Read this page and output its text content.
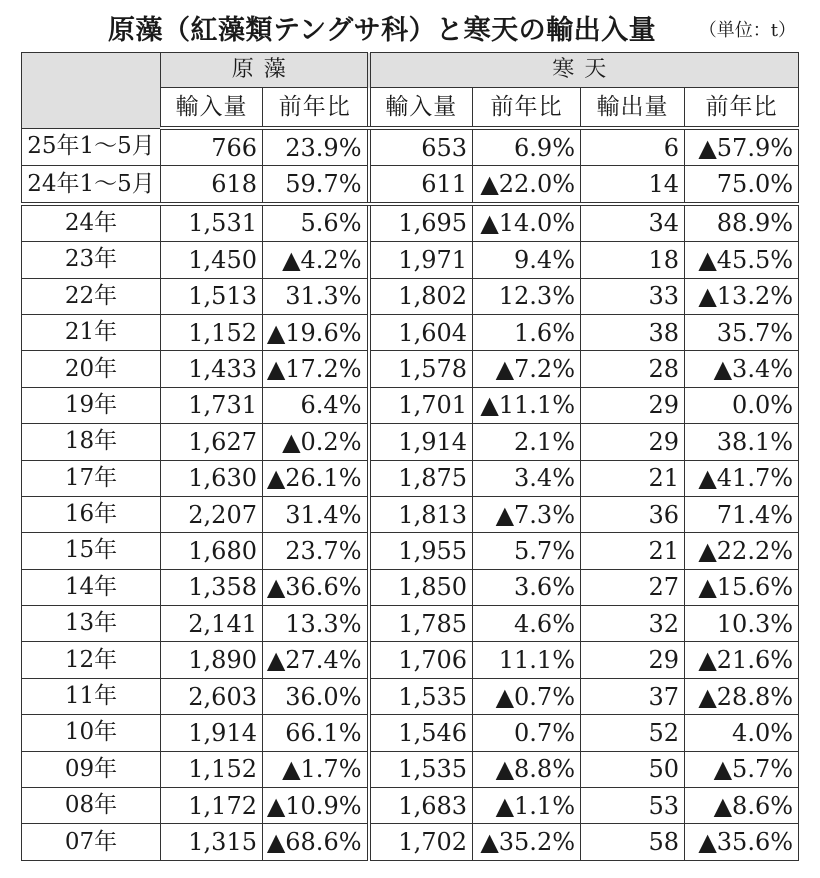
原藻（紅藻類テングサ科）と寒天の輸出入量 （単位：t）
	原藻		寒天			
	輸入量	前年比	輸入量	前年比	輸出量	前年比
25年1～5月	766	23.9%	653	6.9%	6	▲57.9%
24年1～5月	618	59.7%	611	▲22.0%	14	75.0%
24年	1,531	5.6%	1,695	▲14.0%	34	88.9%
23年	1,450	▲4.2%	1,971	9.4%	18	▲45.5%
22年	1,513	31.3%	1,802	12.3%	33	▲13.2%
21年	1,152	▲19.6%	1,604	1.6%	38	35.7%
20年	1,433	▲17.2%	1,578	▲7.2%	28	▲3.4%
19年	1,731	6.4%	1,701	▲11.1%	29	0.0%
18年	1,627	▲0.2%	1,914	2.1%	29	38.1%
17年	1,630	▲26.1%	1,875	3.4%	21	▲41.7%
16年	2,207	31.4%	1,813	▲7.3%	36	71.4%
15年	1,680	23.7%	1,955	5.7%	21	▲22.2%
14年	1,358	▲36.6%	1,850	3.6%	27	▲15.6%
13年	2,141	13.3%	1,785	4.6%	32	10.3%
12年	1,890	▲27.4%	1,706	11.1%	29	▲21.6%
11年	2,603	36.0%	1,535	▲0.7%	37	▲28.8%
10年	1,914	66.1%	1,546	0.7%	52	4.0%
09年	1,152	▲1.7%	1,535	▲8.8%	50	▲5.7%
08年	1,172	▲10.9%	1,683	▲1.1%	53	▲8.6%
07年	1,315	▲68.6%	1,702	▲35.2%	58	▲35.6%
